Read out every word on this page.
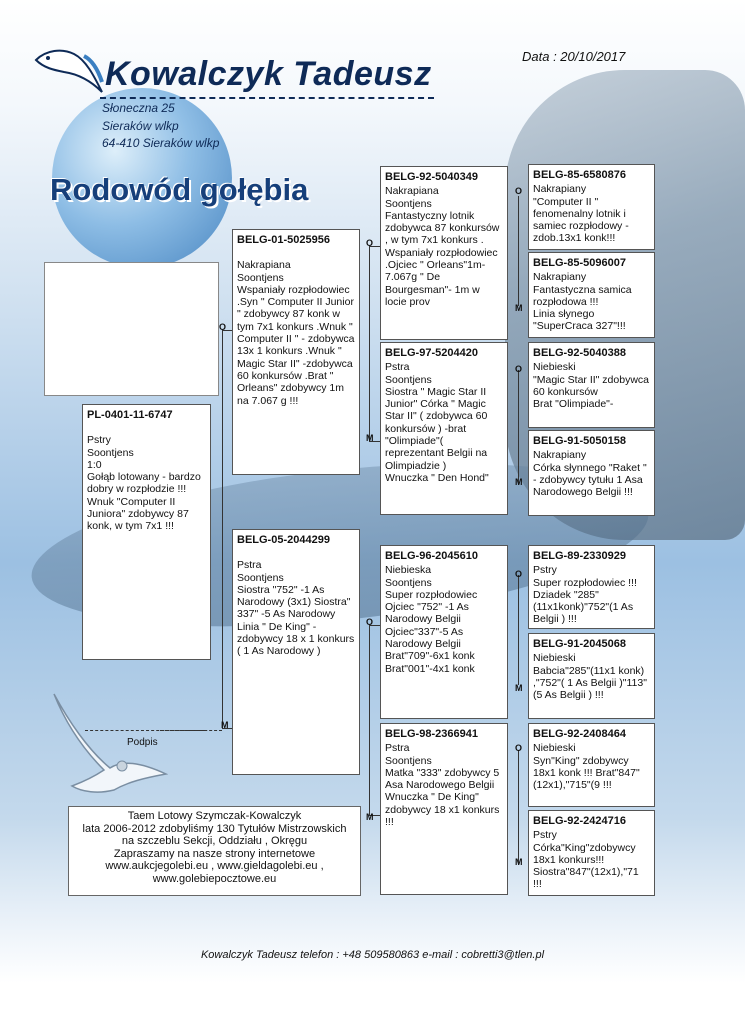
Kowalczyk Tadeusz
Słoneczna 25
Sieraków wlkp
64-410 Sieraków wlkp
Data : 20/10/2017
Rodowód gołębia
O
M
O
M
O
M
O
M
O
M
O
M
O
M
PL-0401-11-6747
Pstry
Soontjens
1:0
Gołąb lotowany - bardzo dobry w rozpłodzie !!! Wnuk "Computer II Juniora" zdobywcy 87 konk, w tym 7x1 !!!
BELG-01-5025956
Nakrapiana
Soontjens
Wspaniały rozpłodowiec .Syn " Computer II Junior " zdobywcy 87 konk w tym 7x1 konkurs .Wnuk " Computer II " - zdobywca 13x 1 konkurs .Wnuk " Magic Star II" -zdobywca 60 konkursów .Brat " Orleans" zdobywcy 1m na 7.067 g !!!
BELG-05-2044299
Pstra
Soontjens
Siostra "752" -1 As Narodowy (3x1) Siostra" 337" -5 As Narodowy
Linia " De King" - zdobywcy 18 x 1 konkurs ( 1 As Narodowy )
BELG-92-5040349
Nakrapiana
Soontjens
Fantastyczny lotnik zdobywca 87 konkursów , w tym 7x1 konkurs .
Wspaniały rozpłodowiec .Ojciec " Orleans"1m-7.067g " De Bourgesman"- 1m w locie prov
BELG-97-5204420
Pstra
Soontjens
Siostra " Magic Star II Junior" Córka " Magic Star II" ( zdobywca 60 konkursów ) -brat "Olimpiade"( reprezentant Belgii na Olimpiadzie )
Wnuczka " Den Hond"
BELG-96-2045610
Niebieska
Soontjens
Super rozpłodowiec Ojciec "752" -1 As Narodowy Belgii Ojciec"337"-5 As Narodowy Belgii Brat"709"-6x1 konk Brat"001"-4x1 konk
BELG-98-2366941
Pstra
Soontjens
Matka "333" zdobywcy 5 Asa Narodowego Belgii
Wnuczka " De King" zdobywcy 18 x1 konkurs !!!
BELG-85-6580876
Nakrapiany
"Computer II " fenomenalny lotnik i samiec rozpłodowy - zdob.13x1 konk!!!
BELG-85-5096007
Nakrapiany
Fantastyczna samica rozpłodowa !!!
Linia słynego "SuperCraca 327"!!!
BELG-92-5040388
Niebieski
"Magic Star II" zdobywca 60 konkursów
Brat "Olimpiade"-
BELG-91-5050158
Nakrapiany
Córka słynnego "Raket " - zdobywcy tytułu 1 Asa Narodowego Belgii !!!
BELG-89-2330929
Pstry
Super rozpłodowiec !!! Dziadek "285" (11x1konk)"752"(1 As Belgii ) !!!
BELG-91-2045068
Niebieski
Babcia"285"(11x1 konk) ,"752"( 1 As Belgii )"113"(5 As Belgii ) !!!
BELG-92-2408464
Niebieski
Syn"King" zdobywcy 18x1 konk !!! Brat"847"(12x1),"715"(9 !!!
BELG-92-2424716
Pstry
Córka"King"zdobywcy 18x1 konkurs!!! Siostra"847"(12x1),"71 !!!
Podpis
Taem Lotowy Szymczak-Kowalczyk
lata 2006-2012 zdobyliśmy 130 Tytułów Mistrzowskich
na szczeblu Sekcji, Oddziału , Okręgu
Zapraszamy na nasze strony internetowe
www.aukcjegolebi.eu , www.gieldagolebi.eu ,
www.golebiepocztowe.eu
Kowalczyk Tadeusz telefon : +48 509580863 e-mail : cobretti3@tlen.pl
